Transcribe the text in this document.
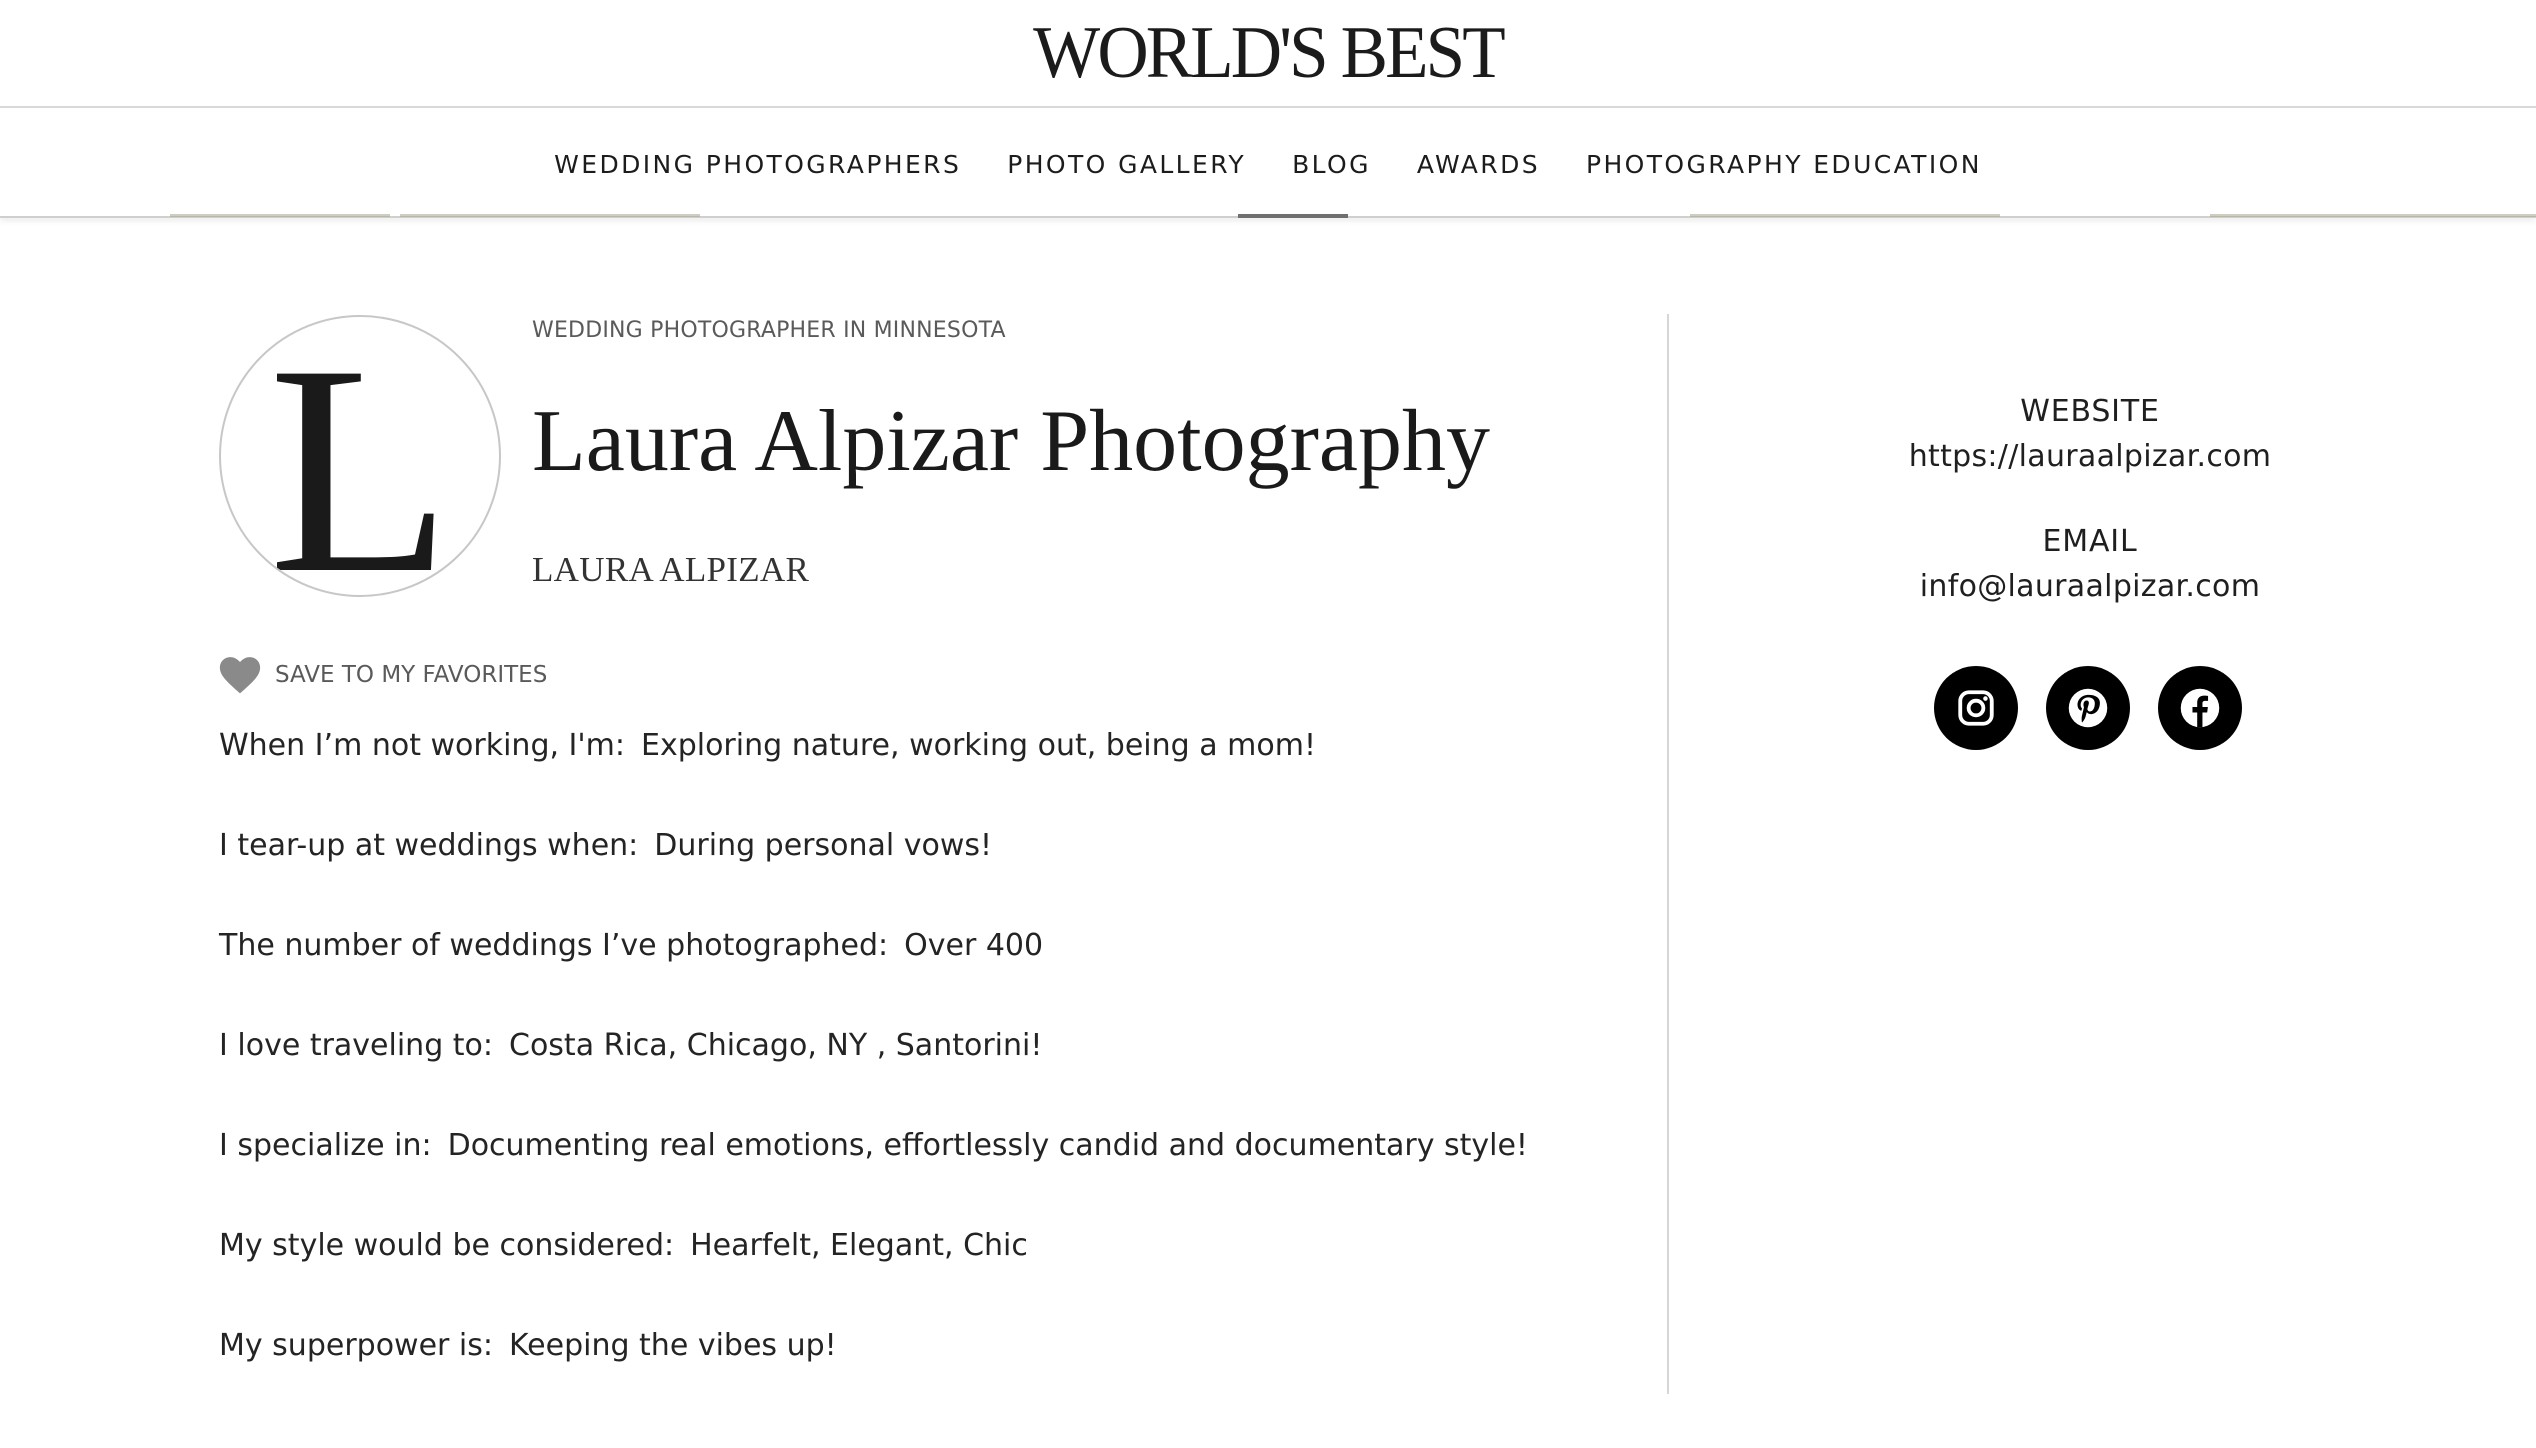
WORLD'S BEST
WEDDING PHOTOGRAPHERS	PHOTO GALLERY	BLOG	AWARDS	PHOTOGRAPHY EDUCATION
L	WEDDING PHOTOGRAPHER IN MINNESOTA
Laura Alpizar Photography
LAURA ALPIZAR
SAVE TO MY FAVORITES
When I’m not working, I'm: Exploring nature, working out, being a mom!
I tear-up at weddings when: During personal vows!
The number of weddings I’ve photographed: Over 400
I love traveling to: Costa Rica, Chicago, NY , Santorini!
I specialize in: Documenting real emotions, effortlessly candid and documentary style!
My style would be considered: Hearfelt, Elegant, Chic
My superpower is: Keeping the vibes up!
WEBSITE
https://lauraalpizar.com
EMAIL
info@lauraalpizar.com
